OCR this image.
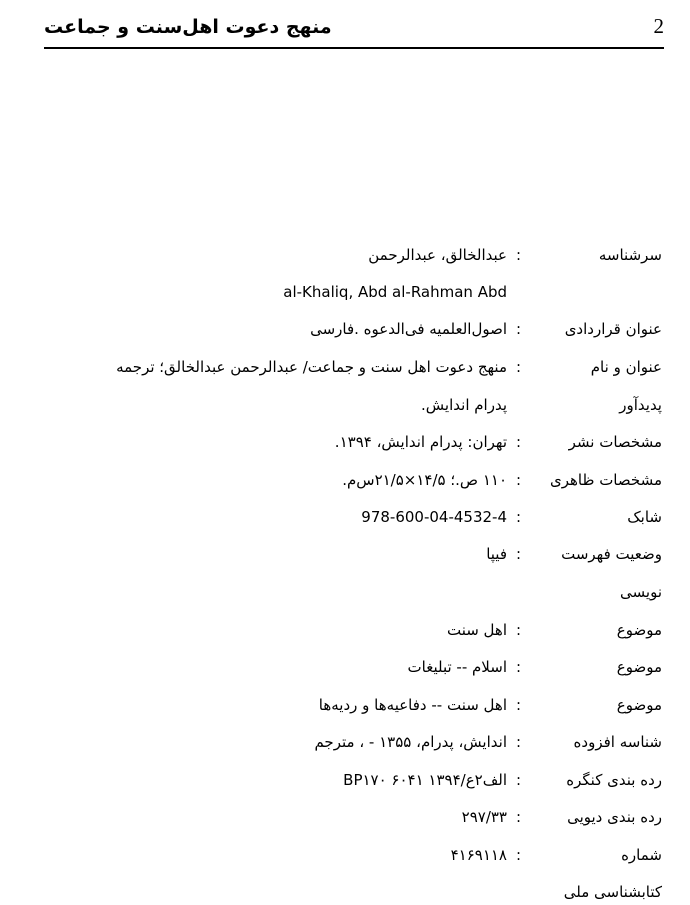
2
منهج دعوت اهل‌سنت و جماعت
سرشناسه
:
عبدالخالق، عبدالرحمن
al-Khaliq, Abd al-Rahman Abd
عنوان قراردادی
:
اصول‌العلمیه فی‌الدعوه .فارسی
عنوان و نام
:
منهج دعوت اهل سنت و جماعت/ عبدالرحمن عبدالخالق؛ ترجمه
پدیدآور
پدرام اندایش.
مشخصات نشر
:
تهران: پدرام اندایش، ۱۳۹۴.
مشخصات ظاهری
:
۱۱۰ ص.؛ ۱۴/۵×۲۱/۵س‌م.
شابک
:
978-600-04-4532-4
وضعیت فهرست
:
فیپا
نویسی
موضوع
:
اهل سنت
موضوع
:
اسلام -- تبلیغات
موضوع
:
اهل سنت -- دفاعیه‌ها و ردیه‌ها
شناسه افزوده
:
اندایش، پدرام، ۱۳۵۵ - ، مترجم
رده بندی کنگره
:
الف۲ع/BP۱۷۰ ۶۰۴۱ ۱۳۹۴
رده بندی دیویی
:
۲۹۷/۳۳
شماره
:
۴۱۶۹۱۱۸
کتابشناسی ملی
